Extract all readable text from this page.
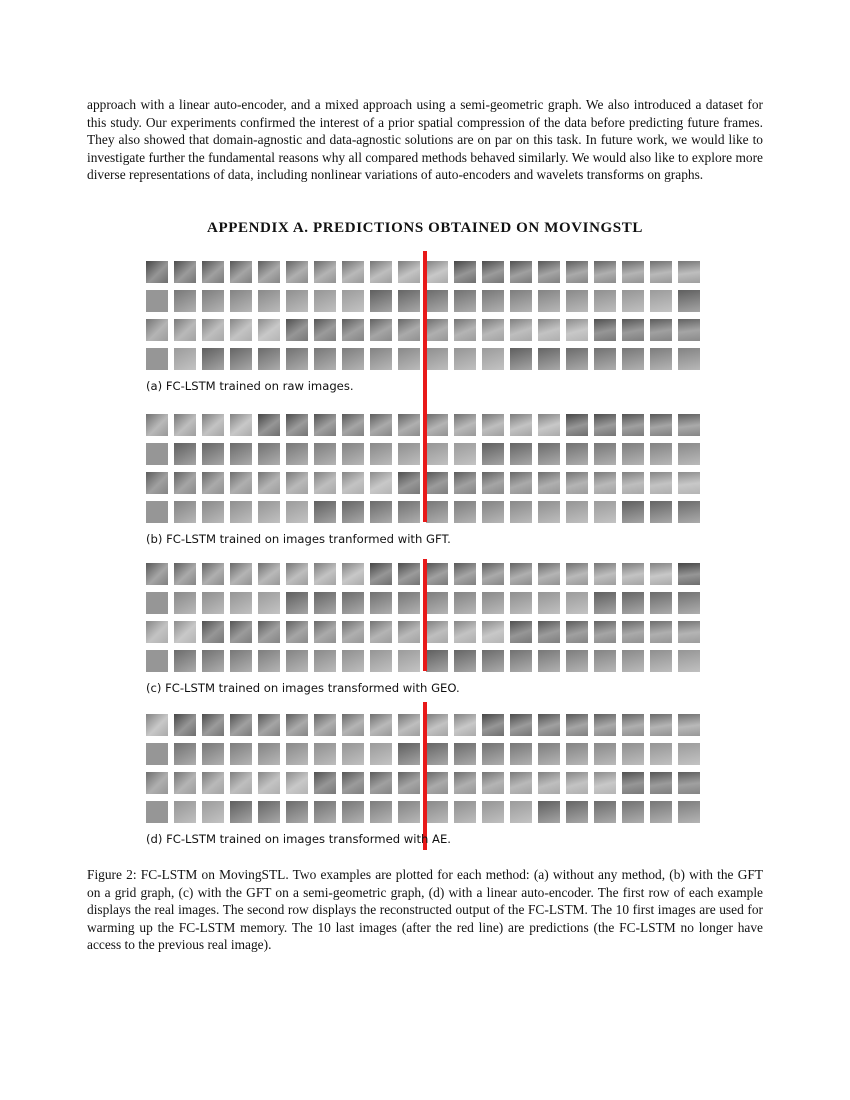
approach with a linear auto-encoder, and a mixed approach using a semi-geometric graph. We also introduced a dataset for this study. Our experiments confirmed the interest of a prior spatial compression of the data before predicting future frames. They also showed that domain-agnostic and data-agnostic solutions are on par on this task. In future work, we would like to investigate further the fundamental reasons why all compared methods behaved similarly. We would also like to explore more diverse representations of data, including nonlinear variations of auto-encoders and wavelets transforms on graphs.

APPENDIX A. PREDICTIONS OBTAINED ON MOVINGSTL
(a) FC-LSTM trained on raw images.
(b) FC-LSTM trained on images tranformed with GFT.
(c) FC-LSTM trained on images transformed with GEO.
(d) FC-LSTM trained on images transformed with AE.

Figure 2: FC-LSTM on MovingSTL. Two examples are plotted for each method: (a) without any method, (b) with the GFT on a grid graph, (c) with the GFT on a semi-geometric graph, (d) with a linear auto-encoder. The first row of each example displays the real images. The second row displays the reconstructed output of the FC-LSTM. The 10 first images are used for warming up the FC-LSTM memory. The 10 last images (after the red line) are predictions (the FC-LSTM no longer have access to the previous real image).
